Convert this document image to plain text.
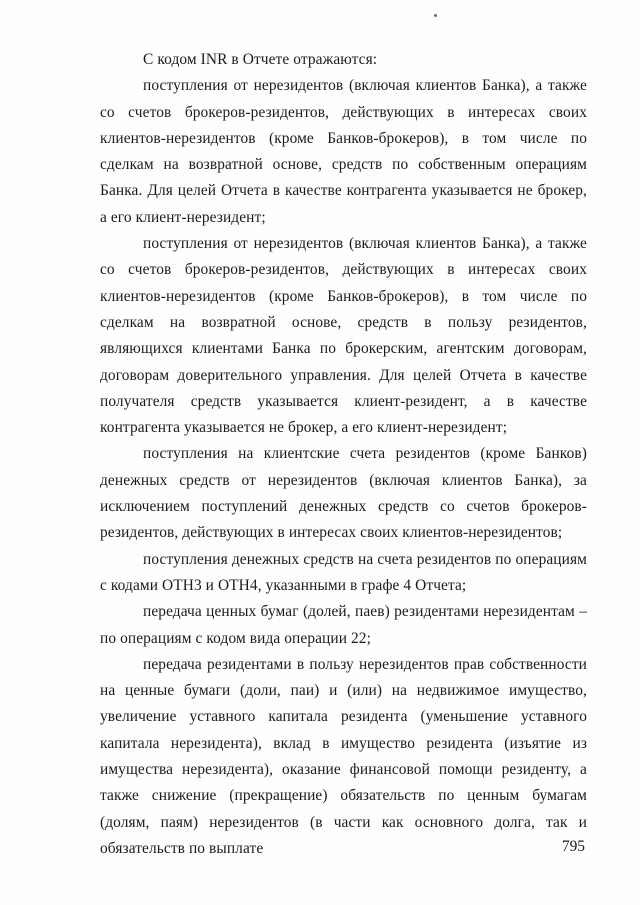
С кодом INR в Отчете отражаются:

поступления от нерезидентов (включая клиентов Банка), а также со счетов брокеров-резидентов, действующих в интересах своих клиентов-нерезидентов (кроме Банков-брокеров), в том числе по сделкам на возвратной основе, средств по собственным операциям Банка. Для целей Отчета в качестве контрагента указывается не брокер, а его клиент-нерезидент;

поступления от нерезидентов (включая клиентов Банка), а также со счетов брокеров-резидентов, действующих в интересах своих клиентов-нерезидентов (кроме Банков-брокеров), в том числе по сделкам на возвратной основе, средств в пользу резидентов, являющихся клиентами Банка по брокерским, агентским договорам, договорам доверительного управления. Для целей Отчета в качестве получателя средств указывается клиент-резидент, а в качестве контрагента указывается не брокер, а его клиент-нерезидент;

поступления на клиентские счета резидентов (кроме Банков) денежных средств от нерезидентов (включая клиентов Банка), за исключением поступлений денежных средств со счетов брокеров-резидентов, действующих в интересах своих клиентов-нерезидентов;

поступления денежных средств на счета резидентов по операциям с кодами ОТН3 и ОТН4, указанными в графе 4 Отчета;

передача ценных бумаг (долей, паев) резидентами нерезидентам – по операциям с кодом вида операции 22;

передача резидентами в пользу нерезидентов прав собственности на ценные бумаги (доли, паи) и (или) на недвижимое имущество, увеличение уставного капитала резидента (уменьшение уставного капитала нерезидента), вклад в имущество резидента (изъятие из имущества нерезидента), оказание финансовой помощи резиденту, а также снижение (прекращение) обязательств по ценным бумагам (долям, паям) нерезидентов (в части как основного долга, так и обязательств по выплате	795
